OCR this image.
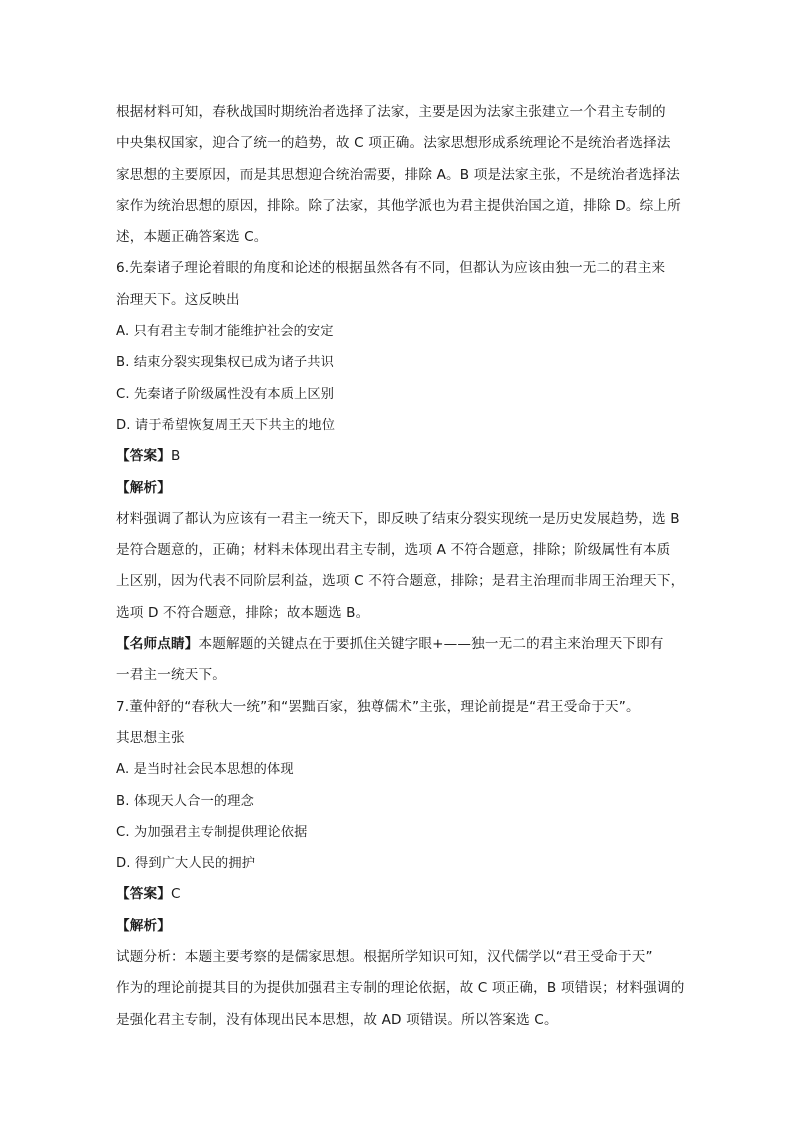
根据材料可知，春秋战国时期统治者选择了法家，主要是因为法家主张建立一个君主专制的
中央集权国家，迎合了统一的趋势，故 C 项正确。法家思想形成系统理论不是统治者选择法
家思想的主要原因，而是其思想迎合统治需要，排除 A。B 项是法家主张，不是统治者选择法
家作为统治思想的原因，排除。除了法家，其他学派也为君主提供治国之道，排除 D。综上所
述，本题正确答案选 C。
6.先秦诸子理论着眼的角度和论述的根据虽然各有不同，但都认为应该由独一无二的君主来
治理天下。这反映出
A. 只有君主专制才能维护社会的安定
B. 结束分裂实现集权已成为诸子共识
C. 先秦诸子阶级属性没有本质上区别
D. 请于希望恢复周王天下共主的地位
【答案】B
【解析】
材料强调了都认为应该有一君主一统天下，即反映了结束分裂实现统一是历史发展趋势，选 B
是符合题意的，正确；材料未体现出君主专制，选项 A 不符合题意，排除；阶级属性有本质
上区别，因为代表不同阶层利益，选项 C 不符合题意，排除；是君主治理而非周王治理天下，
选项 D 不符合题意，排除；故本题选 B。
【名师点睛】本题解题的关键点在于要抓住关键字眼+——独一无二的君主来治理天下即有
一君主一统天下。
7.董仲舒的“春秋大一统”和“罢黜百家，独尊儒术”主张，理论前提是“君王受命于天”。
其思想主张
A. 是当时社会民本思想的体现
B. 体现天人合一的理念
C. 为加强君主专制提供理论依据
D. 得到广大人民的拥护
【答案】C
【解析】
试题分析：本题主要考察的是儒家思想。根据所学知识可知，汉代儒学以“君王受命于天”
作为的理论前提其目的为提供加强君主专制的理论依据，故 C 项正确，B 项错误；材料强调的
是强化君主专制，没有体现出民本思想，故 AD 项错误。所以答案选 C。
